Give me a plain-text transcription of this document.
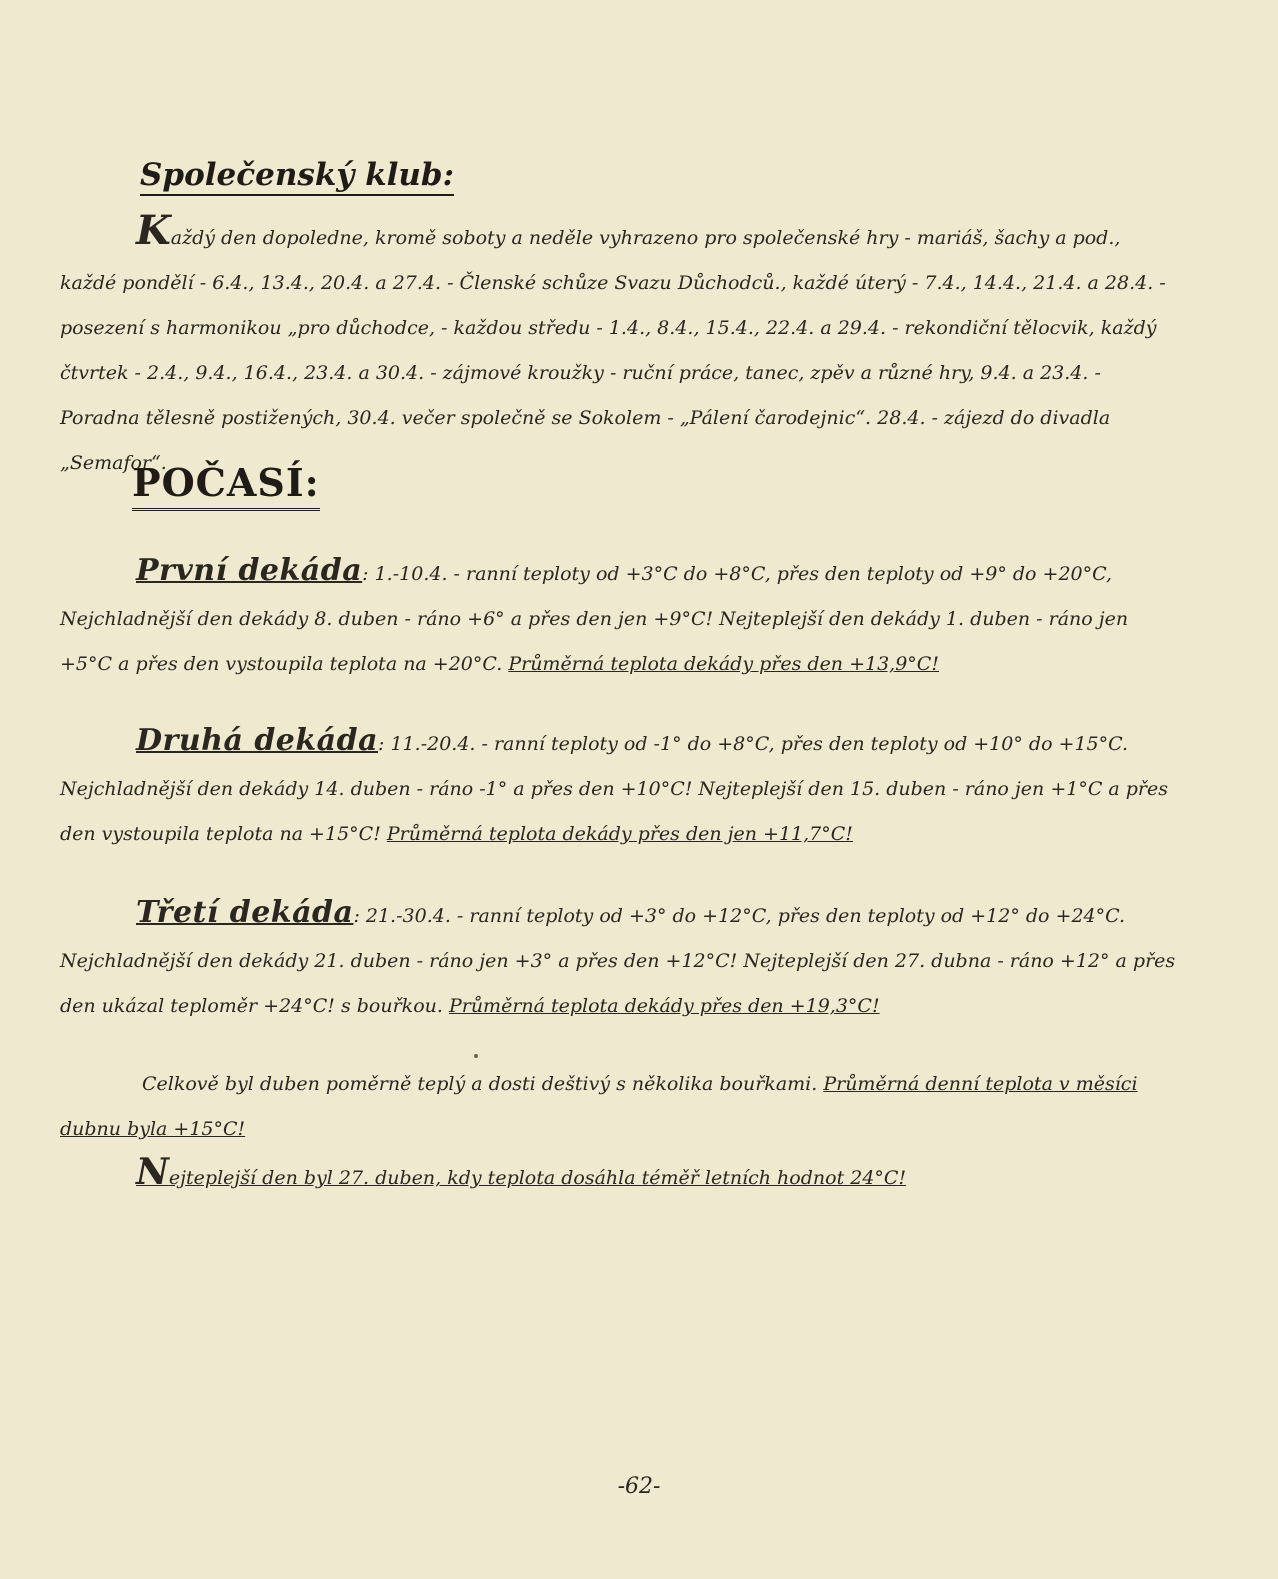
Společenský klub:
Každý den dopoledne, kromě soboty a neděle vyhrazeno pro společenské hry - mariáš, šachy a pod., každé pondělí - 6.4., 13.4., 20.4. a 27.4. - Členské schůze Svazu Důchodců., každé úterý - 7.4., 14.4., 21.4. a 28.4. - posezení s harmonikou „pro důchodce, - každou středu - 1.4., 8.4., 15.4., 22.4. a 29.4. - rekondiční tělocvik, každý čtvrtek - 2.4., 9.4., 16.4., 23.4. a 30.4. - zájmové kroužky - ruční práce, tanec, zpěv a různé hry, 9.4. a 23.4. - Poradna tělesně postižených, 30.4. večer společně se Sokolem - „Pálení čarodejnic“. 28.4. - zájezd do divadla „Semafor“.
POČASÍ:
První dekáda: 1.-10.4. - ranní teploty od +3°C do +8°C, přes den teploty od +9° do +20°C, Nejchladnější den dekády 8. duben - ráno +6° a přes den jen +9°C! Nejteplejší den dekády 1. duben - ráno jen +5°C a přes den vystoupila teplota na +20°C. Průměrná teplota dekády přes den +13,9°C!
Druhá dekáda: 11.-20.4. - ranní teploty od -1° do +8°C, přes den teploty od +10° do +15°C. Nejchladnější den dekády 14. duben - ráno -1° a přes den +10°C! Nejteplejší den 15. duben - ráno jen +1°C a přes den vystoupila teplota na +15°C! Průměrná teplota dekády přes den jen +11,7°C!
Třetí dekáda: 21.-30.4. - ranní teploty od +3° do +12°C, přes den teploty od +12° do +24°C. Nejchladnější den dekády 21. duben - ráno jen +3° a přes den +12°C! Nejteplejší den 27. dubna - ráno +12° a přes den ukázal teploměr +24°C! s bouřkou. Průměrná teplota dekády přes den +19,3°C!
Celkově byl duben poměrně teplý a dosti deštivý s několika bouřkami. Průměrná denní teplota v měsíci dubnu byla +15°C!
Nejteplejší den byl 27. duben, kdy teplota dosáhla téměř letních hodnot 24°C!
-62-
